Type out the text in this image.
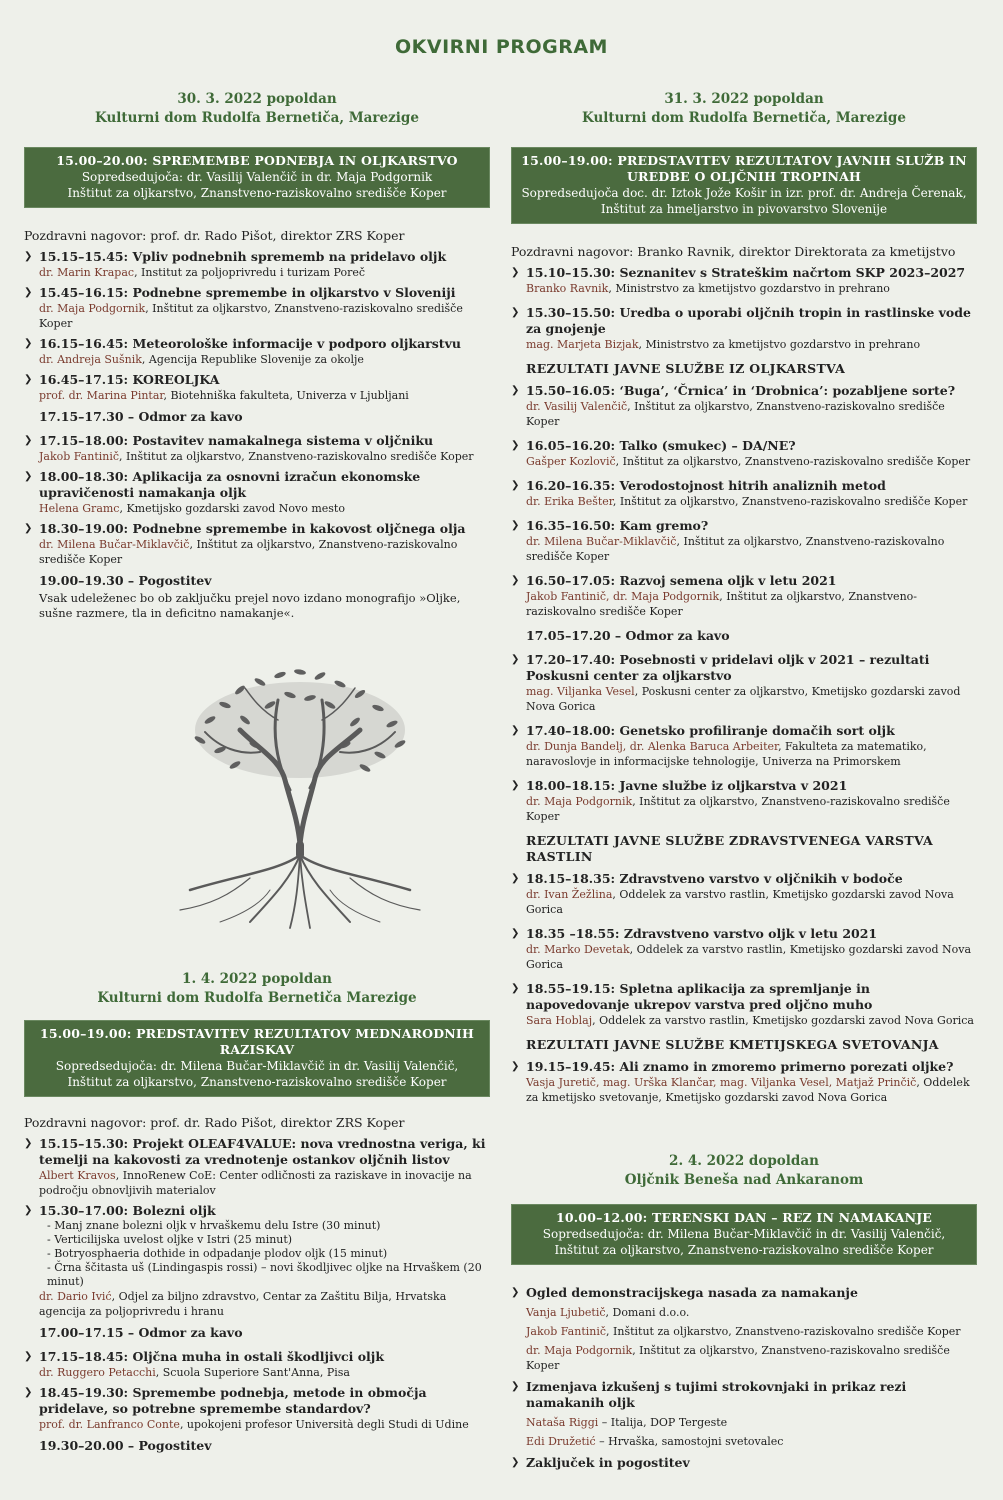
OKVIRNI PROGRAM
30. 3. 2022 popoldan
Kulturni dom Rudolfa Bernetiča, Marezige
15.00–20.00: SPREMEMBE PODNEBJA IN OLJKARSTVO
Sopredsedujoča: dr. Vasilij Valenčič in dr. Maja Podgornik
Inštitut za oljkarstvo, Znanstveno-raziskovalno središče Koper
Pozdravni nagovor: prof. dr. Rado Pišot, direktor ZRS Koper
❯ 15.15–15.45: Vpliv podnebnih sprememb na pridelavo oljk
dr. Marin Krapac, Institut za poljoprivredu i turizam Poreč
❯ 15.45–16.15: Podnebne spremembe in oljkarstvo v Sloveniji
dr. Maja Podgornik, Inštitut za oljkarstvo, Znanstveno-raziskovalno središče Koper
❯ 16.15–16.45: Meteorološke informacije v podporo oljkarstvu
dr. Andreja Sušnik, Agencija Republike Slovenije za okolje
❯ 16.45–17.15: KOREOLJKA
prof. dr. Marina Pintar, Biotehniška fakulteta, Univerza v Ljubljani
17.15–17.30 – Odmor za kavo
❯ 17.15–18.00: Postavitev namakalnega sistema v oljčniku
Jakob Fantinič, Inštitut za oljkarstvo, Znanstveno-raziskovalno središče Koper
❯ 18.00–18.30: Aplikacija za osnovni izračun ekonomske upravičenosti namakanja oljk
Helena Gramc, Kmetijsko gozdarski zavod Novo mesto
❯ 18.30–19.00: Podnebne spremembe in kakovost oljčnega olja
dr. Milena Bučar-Miklavčič, Inštitut za oljkarstvo, Znanstveno-raziskovalno središče Koper
19.00–19.30 – Pogostitev
Vsak udeleženec bo ob zaključku prejel novo izdano monografijo »Oljke, sušne razmere, tla in deficitno namakanje«.
1. 4. 2022 popoldan
Kulturni dom Rudolfa Bernetiča Marezige
15.00–19.00: PREDSTAVITEV REZULTATOV MEDNARODNIH RAZISKAV
Sopredsedujoča: dr. Milena Bučar-Miklavčič in dr. Vasilij Valenčič, Inštitut za oljkarstvo, Znanstveno-raziskovalno središče Koper
Pozdravni nagovor: prof. dr. Rado Pišot, direktor ZRS Koper
❯ 15.15–15.30: Projekt OLEAF4VALUE: nova vrednostna veriga, ki temelji na kakovosti za vrednotenje ostankov oljčnih listov
Albert Kravos, InnoRenew CoE: Center odličnosti za raziskave in inovacije na področju obnovljivih materialov
❯ 15.30–17.00: Bolezni oljk
- Manj znane bolezni oljk v hrvaškemu delu Istre (30 minut)
- Verticilijska uvelost oljke v Istri (25 minut)
- Botryosphaeria dothide in odpadanje plodov oljk (15 minut)
- Črna ščitasta uš (Lindingaspis rossi) – novi škodljivec oljke na Hrvaškem (20 minut)
dr. Dario Ivić, Odjel za biljno zdravstvo, Centar za Zaštitu Bilja, Hrvatska agencija za poljoprivredu i hranu
17.00–17.15 – Odmor za kavo
❯ 17.15–18.45: Oljčna muha in ostali škodljivci oljk
dr. Ruggero Petacchi, Scuola Superiore Sant'Anna, Pisa
❯ 18.45–19.30: Spremembe podnebja, metode in območja pridelave, so potrebne spremembe standardov?
prof. dr. Lanfranco Conte, upokojeni profesor Università degli Studi di Udine
19.30–20.00 – Pogostitev
31. 3. 2022 popoldan
Kulturni dom Rudolfa Bernetiča, Marezige
15.00–19.00: PREDSTAVITEV REZULTATOV JAVNIH SLUŽB IN UREDBE O OLJČNIH TROPINAH
Sopredsedujoča doc. dr. Iztok Jože Košir in izr. prof. dr. Andreja Čerenak,
Inštitut za hmeljarstvo in pivovarstvo Slovenije
Pozdravni nagovor: Branko Ravnik, direktor Direktorata za kmetijstvo
❯ 15.10–15.30: Seznanitev s Strateškim načrtom SKP 2023–2027
Branko Ravnik, Ministrstvo za kmetijstvo gozdarstvo in prehrano
❯ 15.30–15.50: Uredba o uporabi oljčnih tropin in rastlinske vode za gnojenje
mag. Marjeta Bizjak, Ministrstvo za kmetijstvo gozdarstvo in prehrano
REZULTATI JAVNE SLUŽBE IZ OLJKARSTVA
❯ 15.50–16.05: ‘Buga’, ‘Črnica’ in ‘Drobnica’: pozabljene sorte?
dr. Vasilij Valenčič, Inštitut za oljkarstvo, Znanstveno-raziskovalno središče Koper
❯ 16.05–16.20: Talko (smukec) – DA/NE?
Gašper Kozlovič, Inštitut za oljkarstvo, Znanstveno-raziskovalno središče Koper
❯ 16.20–16.35: Verodostojnost hitrih analiznih metod
dr. Erika Bešter, Inštitut za oljkarstvo, Znanstveno-raziskovalno središče Koper
❯ 16.35–16.50: Kam gremo?
dr. Milena Bučar-Miklavčič, Inštitut za oljkarstvo, Znanstveno-raziskovalno središče Koper
❯ 16.50–17.05: Razvoj semena oljk v letu 2021
Jakob Fantinič, dr. Maja Podgornik, Inštitut za oljkarstvo, Znanstveno-raziskovalno središče Koper
17.05–17.20 – Odmor za kavo
❯ 17.20–17.40: Posebnosti v pridelavi oljk v 2021 – rezultati Poskusni center za oljkarstvo
mag. Viljanka Vesel, Poskusni center za oljkarstvo, Kmetijsko gozdarski zavod Nova Gorica
❯ 17.40–18.00: Genetsko profiliranje domačih sort oljk
dr. Dunja Bandelj, dr. Alenka Baruca Arbeiter, Fakulteta za matematiko, naravoslovje in informacijske tehnologije, Univerza na Primorskem
❯ 18.00–18.15: Javne službe iz oljkarstva v 2021
dr. Maja Podgornik, Inštitut za oljkarstvo, Znanstveno-raziskovalno središče Koper
REZULTATI JAVNE SLUŽBE ZDRAVSTVENEGA VARSTVA RASTLIN
❯ 18.15–18.35: Zdravstveno varstvo v oljčnikih v bodoče
dr. Ivan Žežlina, Oddelek za varstvo rastlin, Kmetijsko gozdarski zavod Nova Gorica
❯ 18.35 –18.55: Zdravstveno varstvo oljk v letu 2021
dr. Marko Devetak, Oddelek za varstvo rastlin, Kmetijsko gozdarski zavod Nova Gorica
❯ 18.55–19.15: Spletna aplikacija za spremljanje in napovedovanje ukrepov varstva pred oljčno muho
Sara Hoblaj, Oddelek za varstvo rastlin, Kmetijsko gozdarski zavod Nova Gorica
REZULTATI JAVNE SLUŽBE KMETIJSKEGA SVETOVANJA
❯ 19.15–19.45: Ali znamo in zmoremo primerno porezati oljke?
Vasja Juretič, mag. Urška Klančar, mag. Viljanka Vesel, Matjaž Prinčič, Oddelek za kmetijsko svetovanje, Kmetijsko gozdarski zavod Nova Gorica
2. 4. 2022 dopoldan
Oljčnik Beneša nad Ankaranom
10.00–12.00: TERENSKI DAN – REZ IN NAMAKANJE
Sopredsedujoča: dr. Milena Bučar-Miklavčič in dr. Vasilij Valenčič, Inštitut za oljkarstvo, Znanstveno-raziskovalno središče Koper
❯ Ogled demonstracijskega nasada za namakanje
Vanja Ljubetič, Domani d.o.o.
Jakob Fantinič, Inštitut za oljkarstvo, Znanstveno-raziskovalno središče Koper
dr. Maja Podgornik, Inštitut za oljkarstvo, Znanstveno-raziskovalno središče Koper
❯ Izmenjava izkušenj s tujimi strokovnjaki in prikaz rezi namakanih oljk
Nataša Riggi – Italija, DOP Tergeste
Edi Družetić – Hrvaška, samostojni svetovalec
❯ Zaključek in pogostitev
